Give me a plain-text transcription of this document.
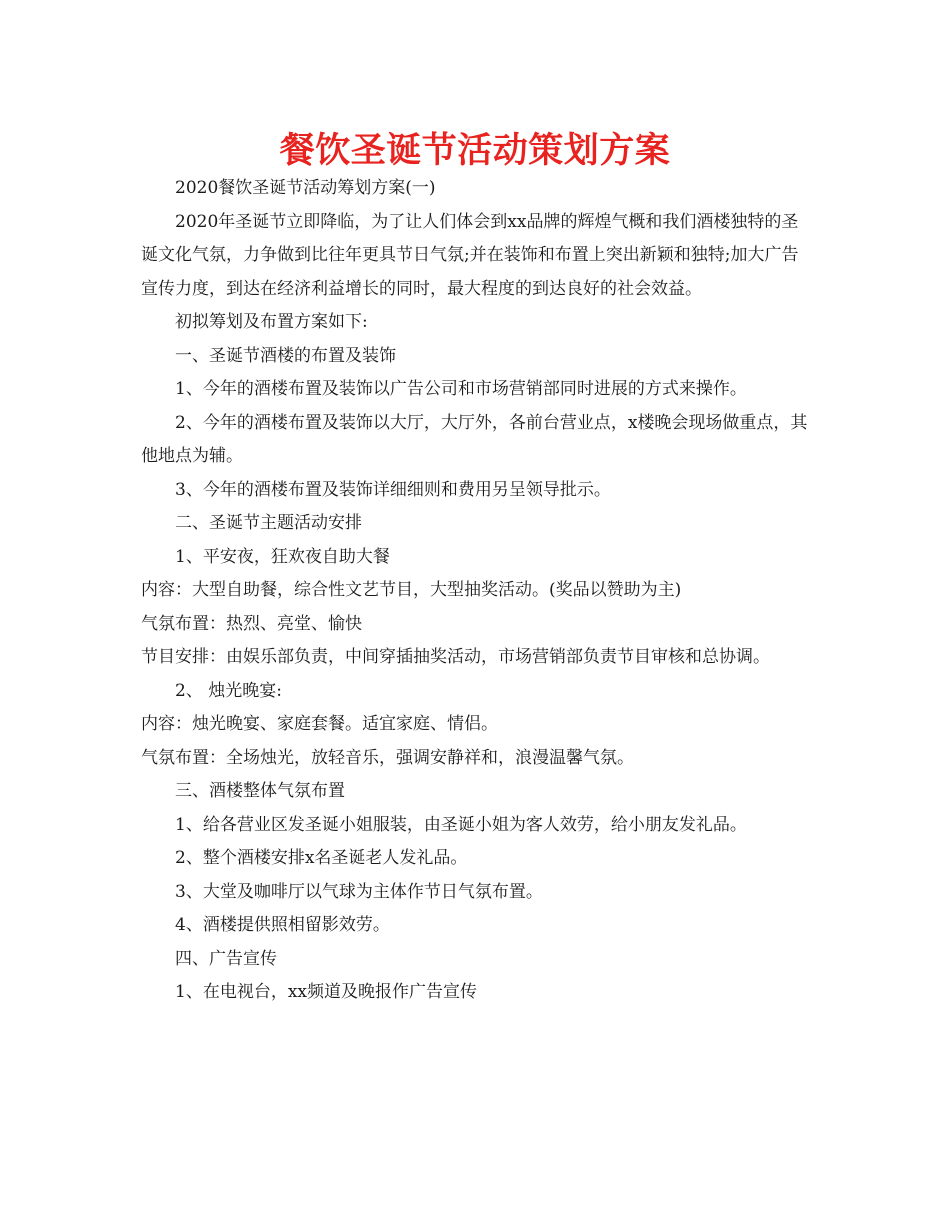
餐饮圣诞节活动策划方案

2020餐饮圣诞节活动筹划方案(一)

2020年圣诞节立即降临，为了让人们体会到xx品牌的辉煌气概和我们酒楼独特的圣诞文化气氛，力争做到比往年更具节日气氛;并在装饰和布置上突出新颖和独特;加大广告宣传力度，到达在经济利益增长的同时，最大程度的到达良好的社会效益。

初拟筹划及布置方案如下:

一、圣诞节酒楼的布置及装饰

1、今年的酒楼布置及装饰以广告公司和市场营销部同时进展的方式来操作。

2、今年的酒楼布置及装饰以大厅，大厅外，各前台营业点，x楼晚会现场做重点，其他地点为辅。

3、今年的酒楼布置及装饰详细细则和费用另呈领导批示。

二、圣诞节主题活动安排

1、平安夜，狂欢夜自助大餐

内容：大型自助餐，综合性文艺节目，大型抽奖活动。(奖品以赞助为主)

气氛布置：热烈、亮堂、愉快

节目安排：由娱乐部负责，中间穿插抽奖活动，市场营销部负责节目审核和总协调。

2、 烛光晚宴:

内容：烛光晚宴、家庭套餐。适宜家庭、情侣。

气氛布置：全场烛光，放轻音乐，强调安静祥和，浪漫温馨气氛。

三、酒楼整体气氛布置

1、给各营业区发圣诞小姐服装，由圣诞小姐为客人效劳，给小朋友发礼品。

2、整个酒楼安排x名圣诞老人发礼品。

3、大堂及咖啡厅以气球为主体作节日气氛布置。

4、酒楼提供照相留影效劳。

四、广告宣传

1、在电视台，xx频道及晚报作广告宣传
